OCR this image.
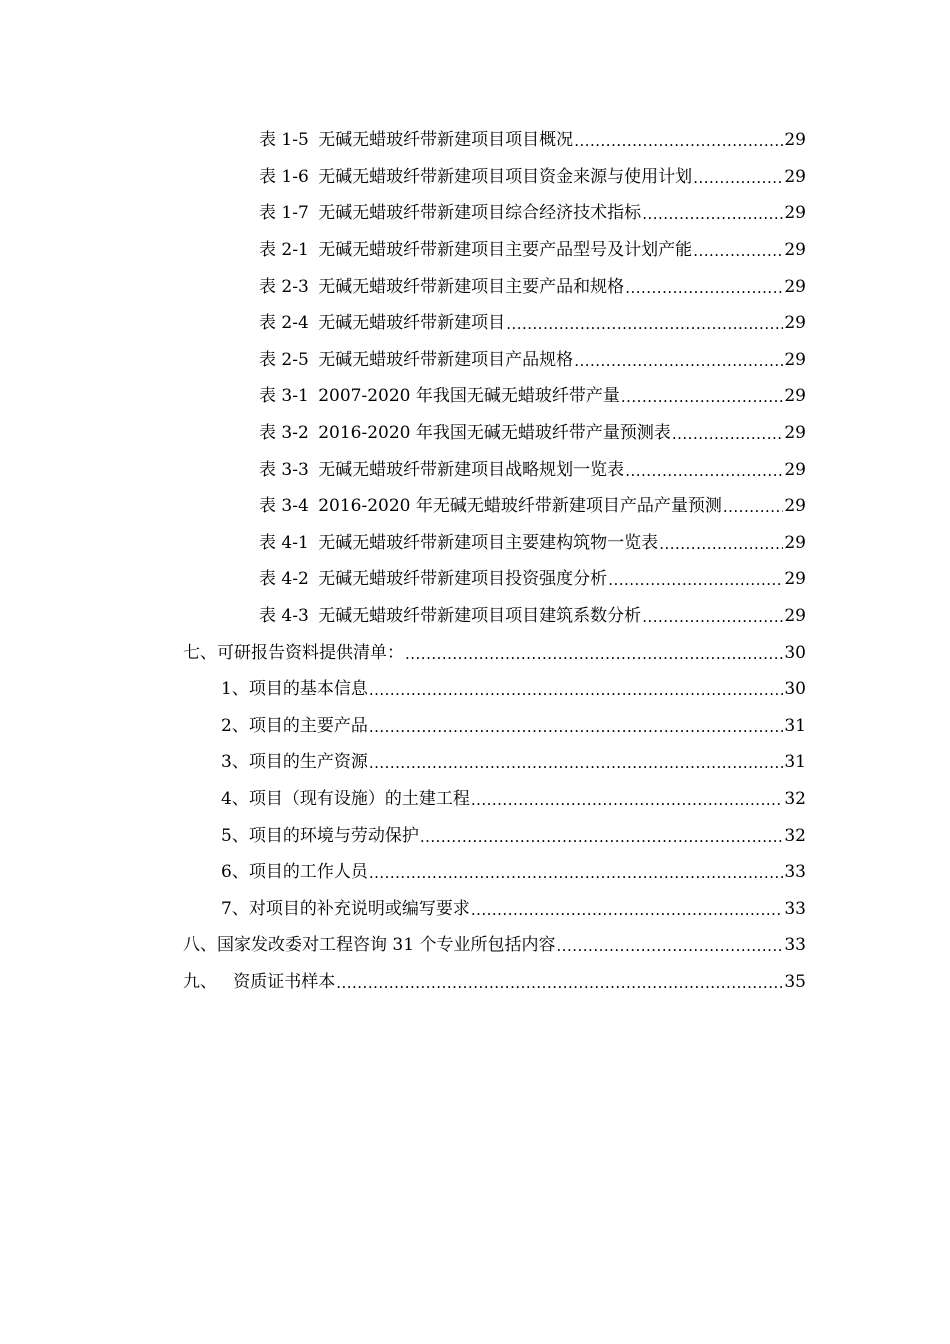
表 1-5 无碱无蜡玻纤带新建项目项目概况 .....	29
表 1-6 无碱无蜡玻纤带新建项目项目资金来源与使用计划 .....	29
表 1-7 无碱无蜡玻纤带新建项目综合经济技术指标 .....	29
表 2-1 无碱无蜡玻纤带新建项目主要产品型号及计划产能 .....	29
表 2-3 无碱无蜡玻纤带新建项目主要产品和规格 .....	29
表 2-4 无碱无蜡玻纤带新建项目 .....	29
表 2-5 无碱无蜡玻纤带新建项目产品规格 .....	29
表 3-1 2007-2020 年我国无碱无蜡玻纤带产量 .....	29
表 3-2 2016-2020 年我国无碱无蜡玻纤带产量预测表 .....	29
表 3-3 无碱无蜡玻纤带新建项目战略规划一览表 .....	29
表 3-4 2016-2020 年无碱无蜡玻纤带新建项目产品产量预测 .....	29
表 4-1 无碱无蜡玻纤带新建项目主要建构筑物一览表 .....	29
表 4-2 无碱无蜡玻纤带新建项目投资强度分析 .....	29
表 4-3 无碱无蜡玻纤带新建项目项目建筑系数分析 .....	29
七、可研报告资料提供清单： .....	30
1、项目的基本信息 .....	30
2、项目的主要产品 .....	31
3、项目的生产资源 .....	31
4、项目（现有设施）的土建工程 .....	32
5、项目的环境与劳动保护 .....	32
6、项目的工作人员 .....	33
7、对项目的补充说明或编写要求 .....	33
八、国家发改委对工程咨询 31 个专业所包括内容 .....	33
九、   资质证书样本 .....	35
